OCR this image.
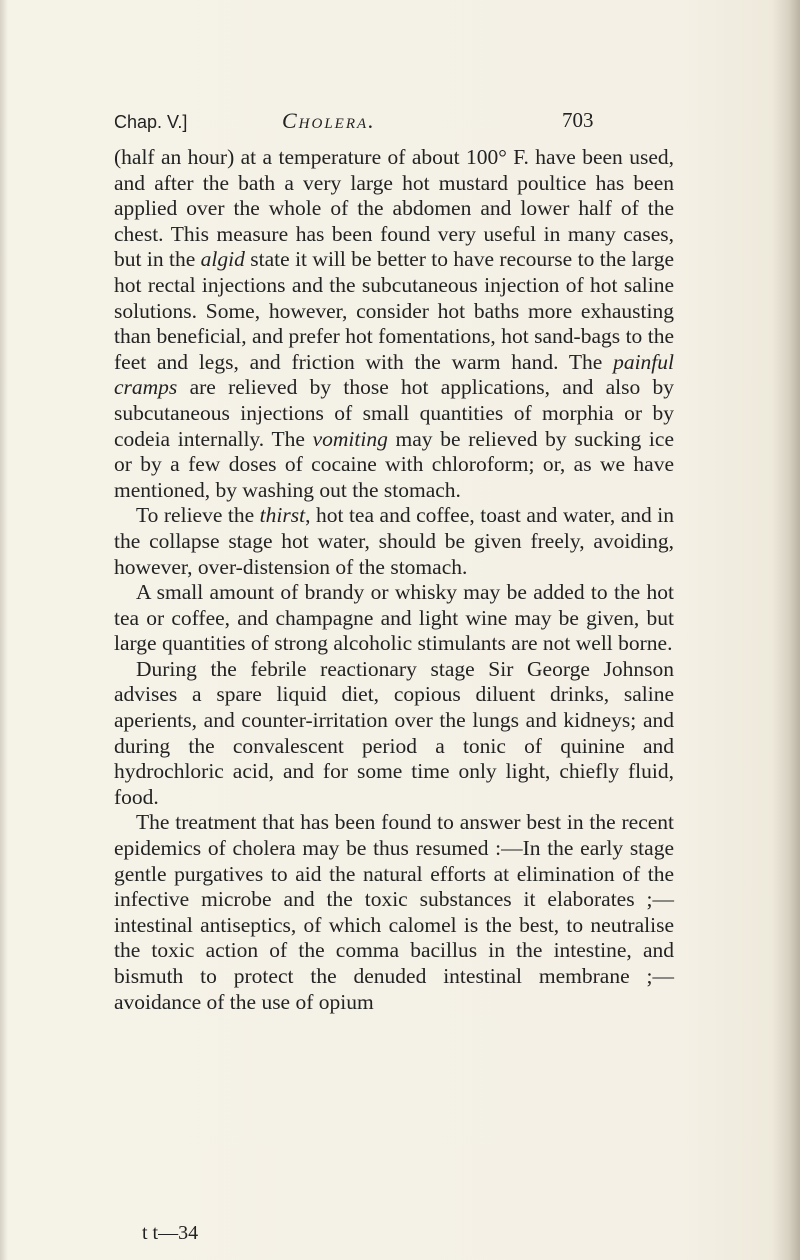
Chap. V.]	Cholera.	703

(half an hour) at a temperature of about 100° F. have been used, and after the bath a very large hot mustard poultice has been applied over the whole of the abdomen and lower half of the chest. This measure has been found very useful in many cases, but in the algid state it will be better to have recourse to the large hot rectal injections and the subcutaneous injection of hot saline solutions. Some, however, consider hot baths more exhausting than beneficial, and prefer hot fomentations, hot sand-bags to the feet and legs, and friction with the warm hand. The painful cramps are relieved by those hot applications, and also by subcutaneous injections of small quantities of morphia or by codeia internally. The vomiting may be relieved by sucking ice or by a few doses of cocaine with chloroform; or, as we have mentioned, by washing out the stomach.

To relieve the thirst, hot tea and coffee, toast and water, and in the collapse stage hot water, should be given freely, avoiding, however, over-distension of the stomach.

A small amount of brandy or whisky may be added to the hot tea or coffee, and champagne and light wine may be given, but large quantities of strong alcoholic stimulants are not well borne.

During the febrile reactionary stage Sir George Johnson advises a spare liquid diet, copious diluent drinks, saline aperients, and counter-irritation over the lungs and kidneys; and during the convalescent period a tonic of quinine and hydrochloric acid, and for some time only light, chiefly fluid, food.

The treatment that has been found to answer best in the recent epidemics of cholera may be thus resumed :—In the early stage gentle purgatives to aid the natural efforts at elimination of the infective microbe and the toxic substances it elaborates ;—intestinal antiseptics, of which calomel is the best, to neutralise the toxic action of the comma bacillus in the intestine, and bismuth to protect the denuded intestinal membrane ;—avoidance of the use of opium

t t—34
